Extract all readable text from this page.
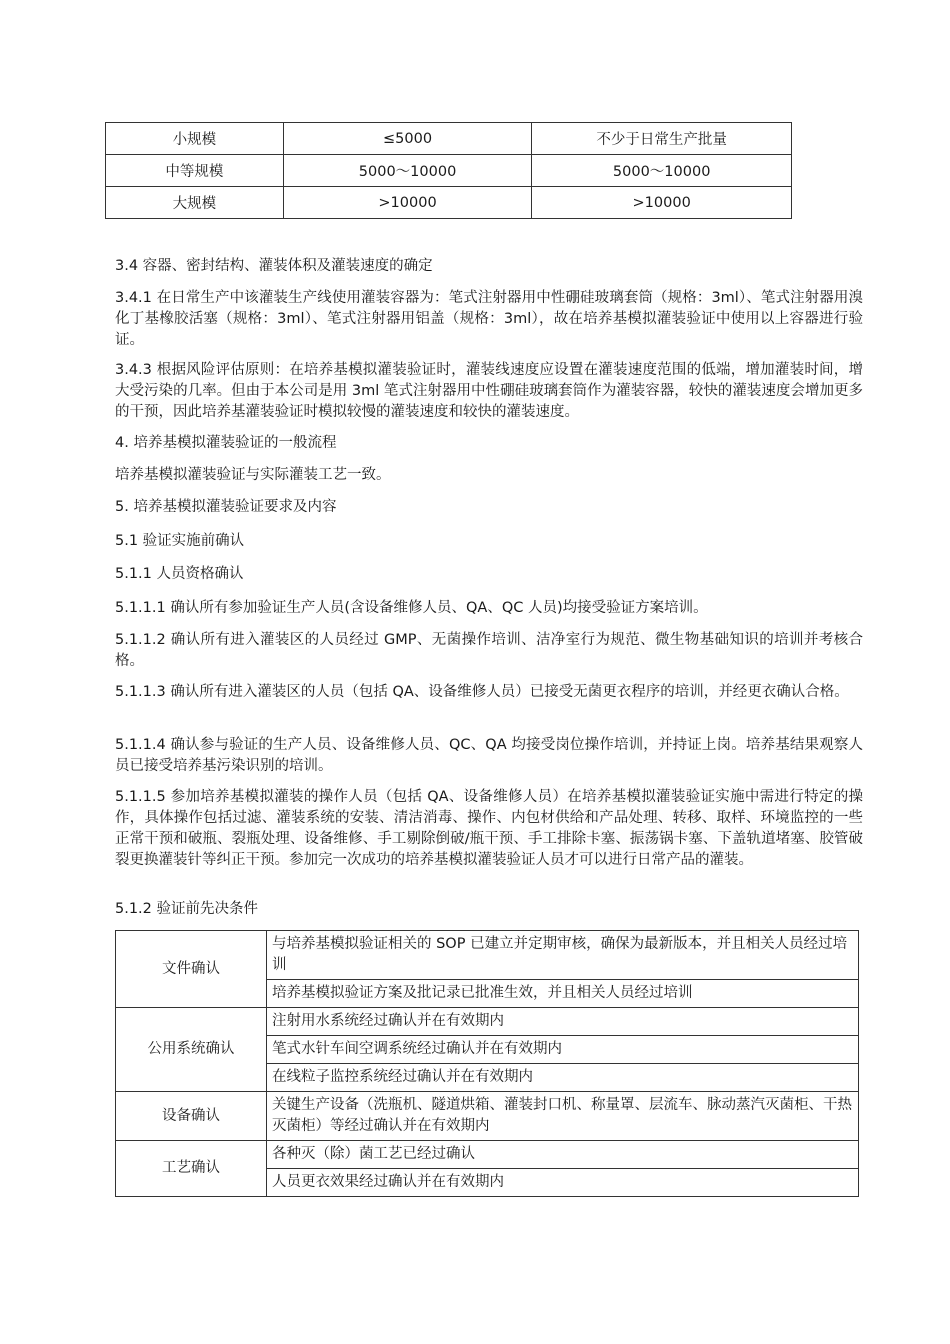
小规模	≤5000	不少于日常生产批量
中等规模	5000～10000	5000～10000
大规模	>10000	>10000

3.4 容器、密封结构、灌装体积及灌装速度的确定

3.4.1 在日常生产中该灌装生产线使用灌装容器为：笔式注射器用中性硼硅玻璃套筒（规格：3ml）、笔式注射器用溴化丁基橡胶活塞（规格：3ml）、笔式注射器用铝盖（规格：3ml），故在培养基模拟灌装验证中使用以上容器进行验证。

3.4.3 根据风险评估原则：在培养基模拟灌装验证时，灌装线速度应设置在灌装速度范围的低端，增加灌装时间，增大受污染的几率。但由于本公司是用 3ml 笔式注射器用中性硼硅玻璃套筒作为灌装容器，较快的灌装速度会增加更多的干预，因此培养基灌装验证时模拟较慢的灌装速度和较快的灌装速度。

4. 培养基模拟灌装验证的一般流程

培养基模拟灌装验证与实际灌装工艺一致。

5. 培养基模拟灌装验证要求及内容

5.1 验证实施前确认

5.1.1 人员资格确认

5.1.1.1 确认所有参加验证生产人员(含设备维修人员、QA、QC 人员)均接受验证方案培训。

5.1.1.2 确认所有进入灌装区的人员经过 GMP、无菌操作培训、洁净室行为规范、微生物基础知识的培训并考核合格。

5.1.1.3 确认所有进入灌装区的人员（包括 QA、设备维修人员）已接受无菌更衣程序的培训，并经更衣确认合格。

5.1.1.4 确认参与验证的生产人员、设备维修人员、QC、QA 均接受岗位操作培训，并持证上岗。培养基结果观察人员已接受培养基污染识别的培训。

5.1.1.5 参加培养基模拟灌装的操作人员（包括 QA、设备维修人员）在培养基模拟灌装验证实施中需进行特定的操作，具体操作包括过滤、灌装系统的安装、清洁消毒、操作、内包材供给和产品处理、转移、取样、环境监控的一些正常干预和破瓶、裂瓶处理、设备维修、手工剔除倒破/瓶干预、手工排除卡塞、振荡锅卡塞、下盖轨道堵塞、胶管破裂更换灌装针等纠正干预。参加完一次成功的培养基模拟灌装验证人员才可以进行日常产品的灌装。

5.1.2 验证前先决条件

文件确认	与培养基模拟验证相关的 SOP 已建立并定期审核，确保为最新版本，并且相关人员经过培训
	培养基模拟验证方案及批记录已批准生效，并且相关人员经过培训
公用系统确认	注射用水系统经过确认并在有效期内
	笔式水针车间空调系统经过确认并在有效期内
	在线粒子监控系统经过确认并在有效期内
设备确认	关键生产设备（洗瓶机、隧道烘箱、灌装封口机、称量罩、层流车、脉动蒸汽灭菌柜、干热灭菌柜）等经过确认并在有效期内
工艺确认	各种灭（除）菌工艺已经过确认
	人员更衣效果经过确认并在有效期内
